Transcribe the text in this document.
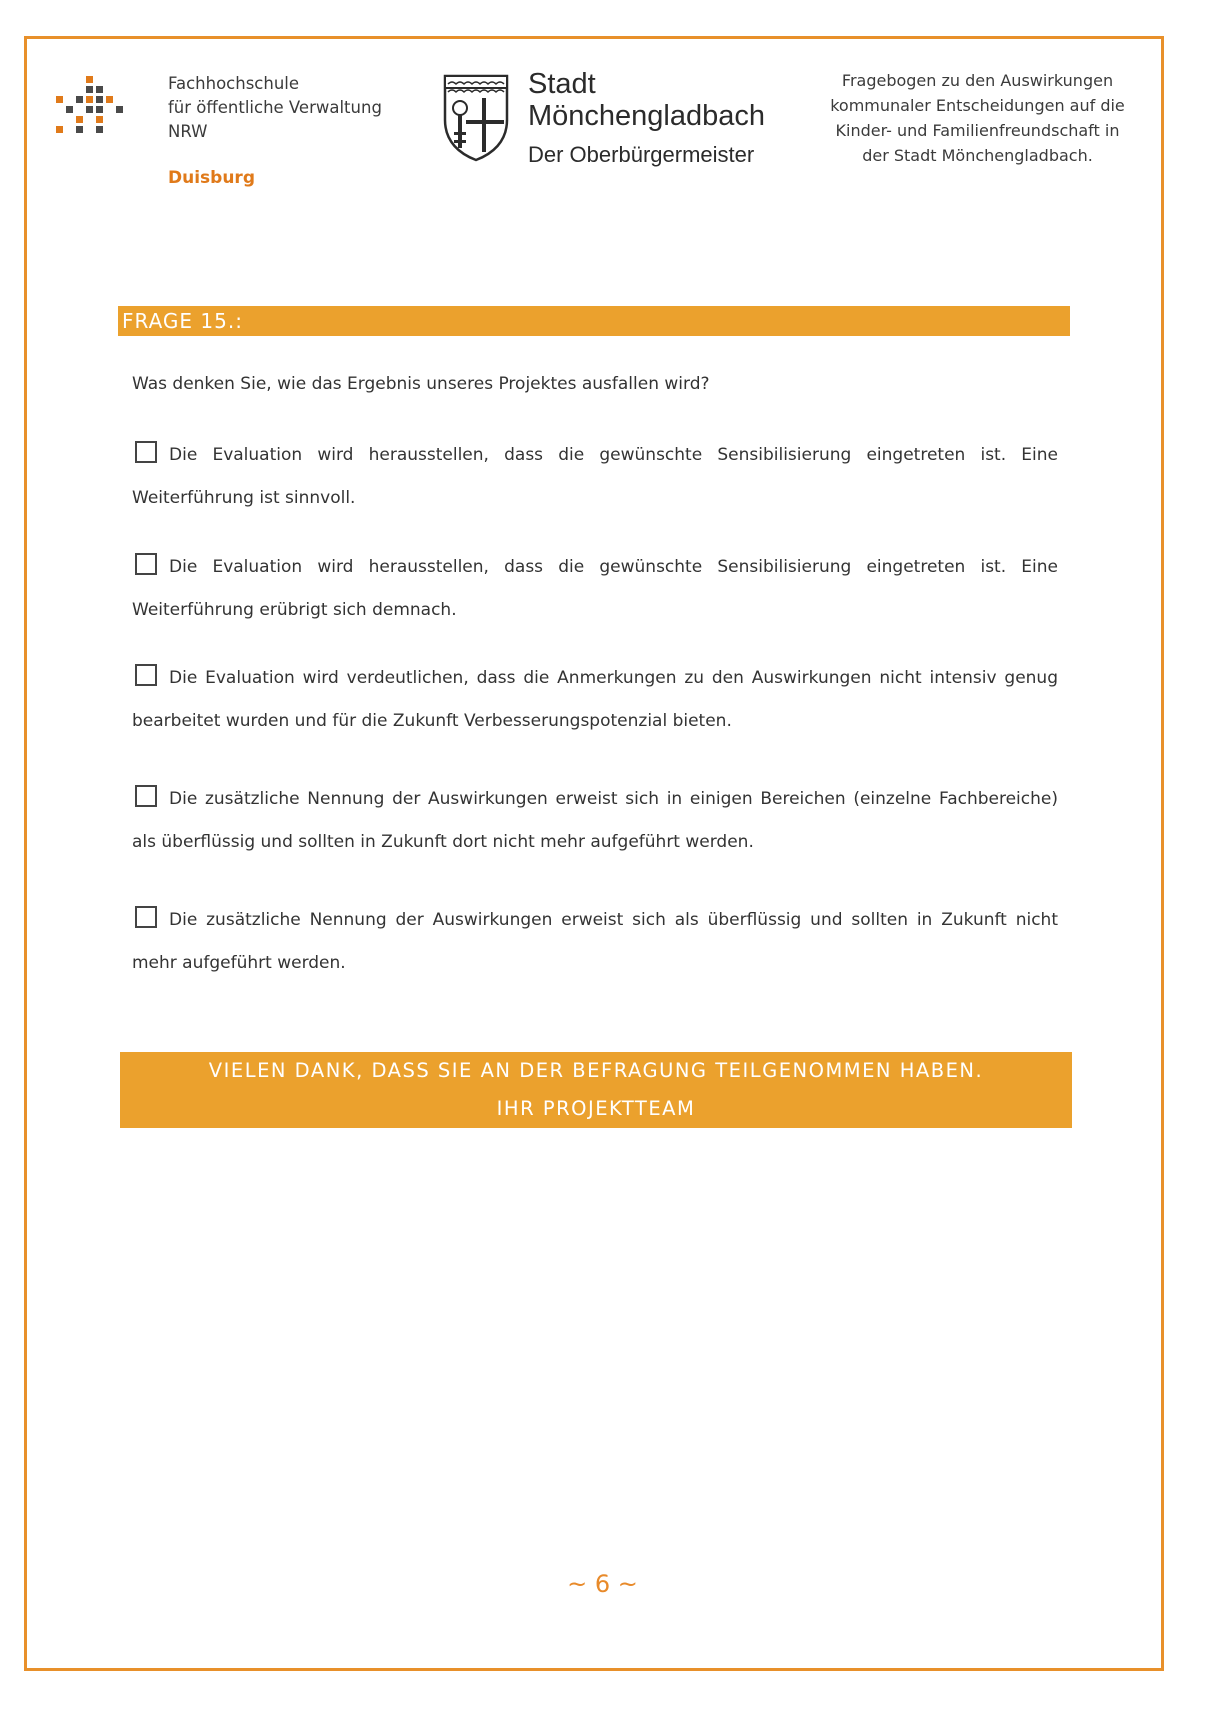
Fachhochschule
für öffentliche Verwaltung
NRW
Duisburg
Stadt
Mönchengladbach
Der Oberbürgermeister
Fragebogen zu den Auswirkungen
kommunaler Entscheidungen auf die
Kinder- und Familienfreundschaft in
der Stadt Mönchengladbach.
FRAGE 15.:
Was denken Sie, wie das Ergebnis unseres Projektes ausfallen wird?
Die Evaluation wird herausstellen, dass die gewünschte Sensibilisierung eingetreten ist. Eine Weiterführung ist sinnvoll.
Die Evaluation wird herausstellen, dass die gewünschte Sensibilisierung eingetreten ist. Eine Weiterführung erübrigt sich demnach.
Die Evaluation wird verdeutlichen, dass die Anmerkungen zu den Auswirkungen nicht intensiv genug bearbeitet wurden und für die Zukunft Verbesserungspotenzial bieten.
Die zusätzliche Nennung der Auswirkungen erweist sich in einigen Bereichen (einzelne Fachbereiche) als überflüssig und sollten in Zukunft dort nicht mehr aufgeführt werden.
Die zusätzliche Nennung der Auswirkungen erweist sich als überflüssig und sollten in Zukunft nicht mehr aufgeführt werden.
VIELEN DANK, DASS SIE AN DER BEFRAGUNG TEILGENOMMEN HABEN.
IHR PROJEKTTEAM
~ 6 ~
